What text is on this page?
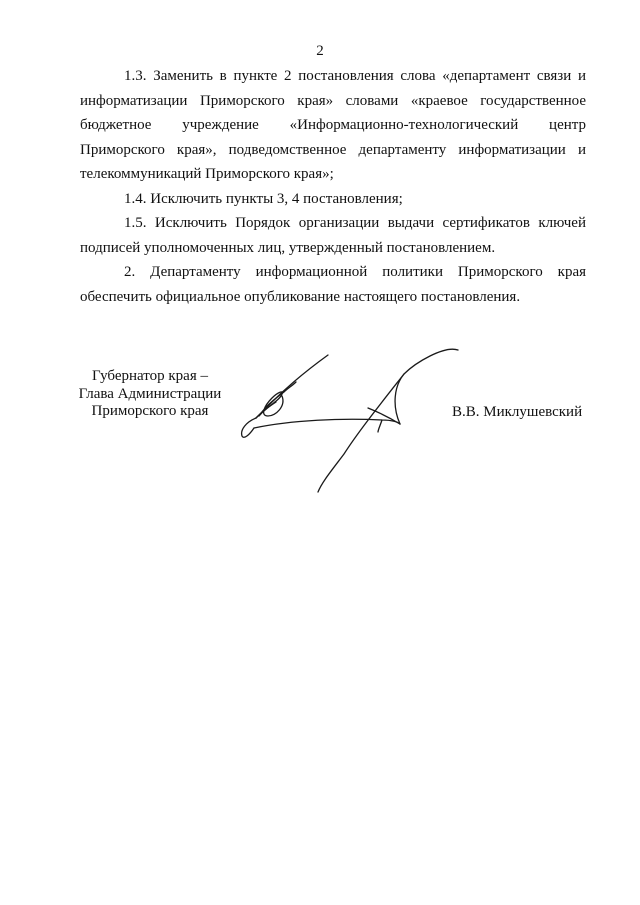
2

1.3. Заменить в пункте 2 постановления слова «департамент связи и информатизации Приморского края» словами «краевое государственное бюджетное учреждение «Информационно-технологический центр Приморского края», подведомственное департаменту информатизации и телекоммуникаций Приморского края»;

1.4. Исключить пункты 3, 4 постановления;

1.5. Исключить Порядок организации выдачи сертификатов ключей подписей уполномоченных лиц, утвержденный постановлением.

2. Департаменту информационной политики Приморского края обеспечить официальное опубликование настоящего постановления.

Губернатор края –
Глава Администрации
Приморского края	В.В. Миклушевский
